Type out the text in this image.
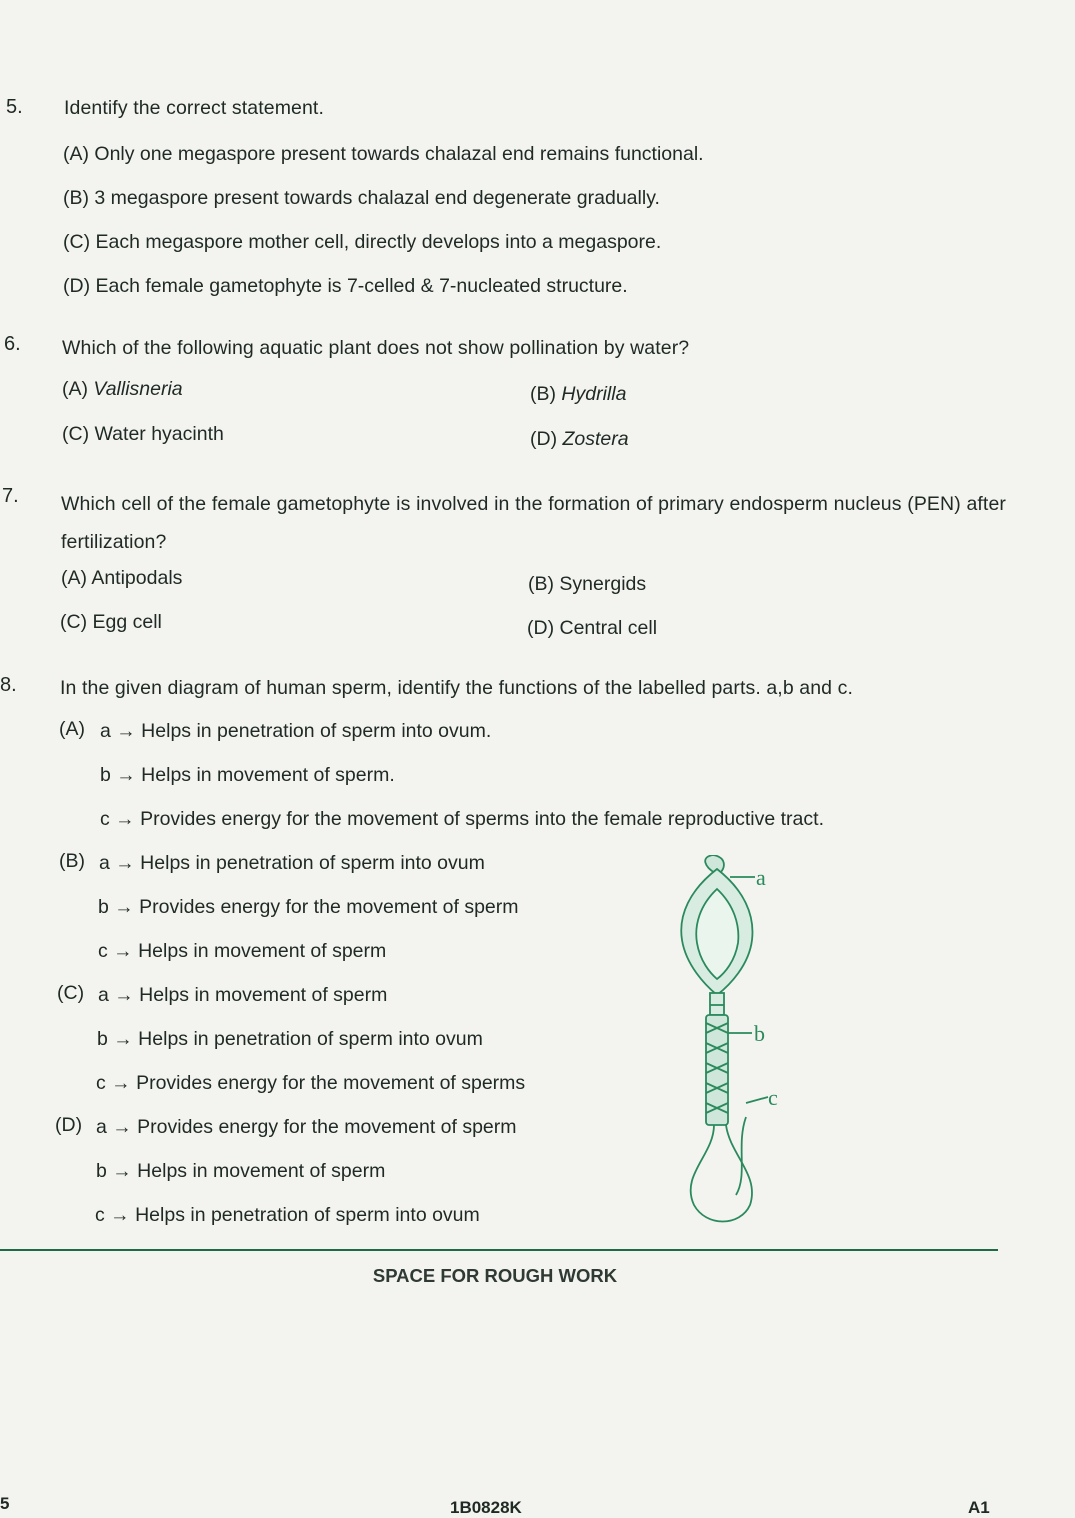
5. Identify the correct statement.
(A) Only one megaspore present towards chalazal end remains functional.
(B) 3 megaspore present towards chalazal end degenerate gradually.
(C) Each megaspore mother cell, directly develops into a megaspore.
(D) Each female gametophyte is 7-celled & 7-nucleated structure.
6. Which of the following aquatic plant does not show pollination by water?
(A) Vallisneria	(B) Hydrilla
(C) Water hyacinth	(D) Zostera
7. Which cell of the female gametophyte is involved in the formation of primary endosperm nucleus (PEN) after fertilization?
(A) Antipodals	(B) Synergids
(C) Egg cell	(D) Central cell
8. In the given diagram of human sperm, identify the functions of the labelled parts. a,b and c.
(A) a → Helps in penetration of sperm into ovum.
b → Helps in movement of sperm.
c → Provides energy for the movement of sperms into the female reproductive tract.
(B) a → Helps in penetration of sperm into ovum
b → Provides energy for the movement of sperm
c → Helps in movement of sperm
(C) a → Helps in movement of sperm
b → Helps in penetration of sperm into ovum
c → Provides energy for the movement of sperms
(D) a → Provides energy for the movement of sperm
b → Helps in movement of sperm
c → Helps in penetration of sperm into ovum
a
b
c
SPACE FOR ROUGH WORK
5	1B0828K	A1
